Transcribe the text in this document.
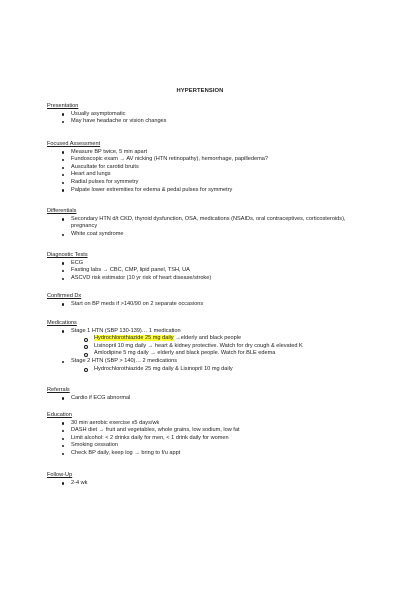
HYPERTENSION
Presentation
Usually asymptomatic
May have headache or vision changes
Focused Assessment
Measure BP twice, 5 min apart
Fundoscopic exam → AV nicking (HTN retinopathy), hemorrhage, papilledema?
Auscultate for carotid bruits
Heart and lungs
Radial pulses for symmetry
Palpate lower extremities for edema & pedal pulses for symmetry
Differentials
Secondary HTN d/t CKD, thyroid dysfunction, OSA, medications (NSAIDs, oral contraceptives, corticosteroids), pregnancy
White coat syndrome
Diagnostic Tests
ECG
Fasting labs → CBC, CMP, lipid panel, TSH, UA
ASCVD risk estimator (10 yr risk of heart disease/stroke)
Confirmed Dx
Start on BP meds if >140/90 on 2 separate occasions
Medications
Stage 1 HTN (SBP 130-139)… 1 medication
Hydrochlorothiazide 25 mg daily →elderly and black people
Lisinopril 10 mg daily → heart & kidney protective. Watch for dry cough & elevated K
Amlodipine 5 mg daily → elderly and black people. Watch for BLE edema
Stage 2 HTN (SBP > 140)… 2 medications
Hydrochlorothiazide 25 mg daily & Lisinopril 10 mg daily
Referrals
Cardio if ECG abnormal
Education
30 min aerobic exercise x5 days/wk
DASH diet → fruit and vegetables, whole grains, low sodium, low fat
Limit alcohol: < 2 drinks daily for men, < 1 drink daily for women
Smoking cessation
Check BP daily, keep log → bring to f/u appt
Follow-Up
2-4 wk
